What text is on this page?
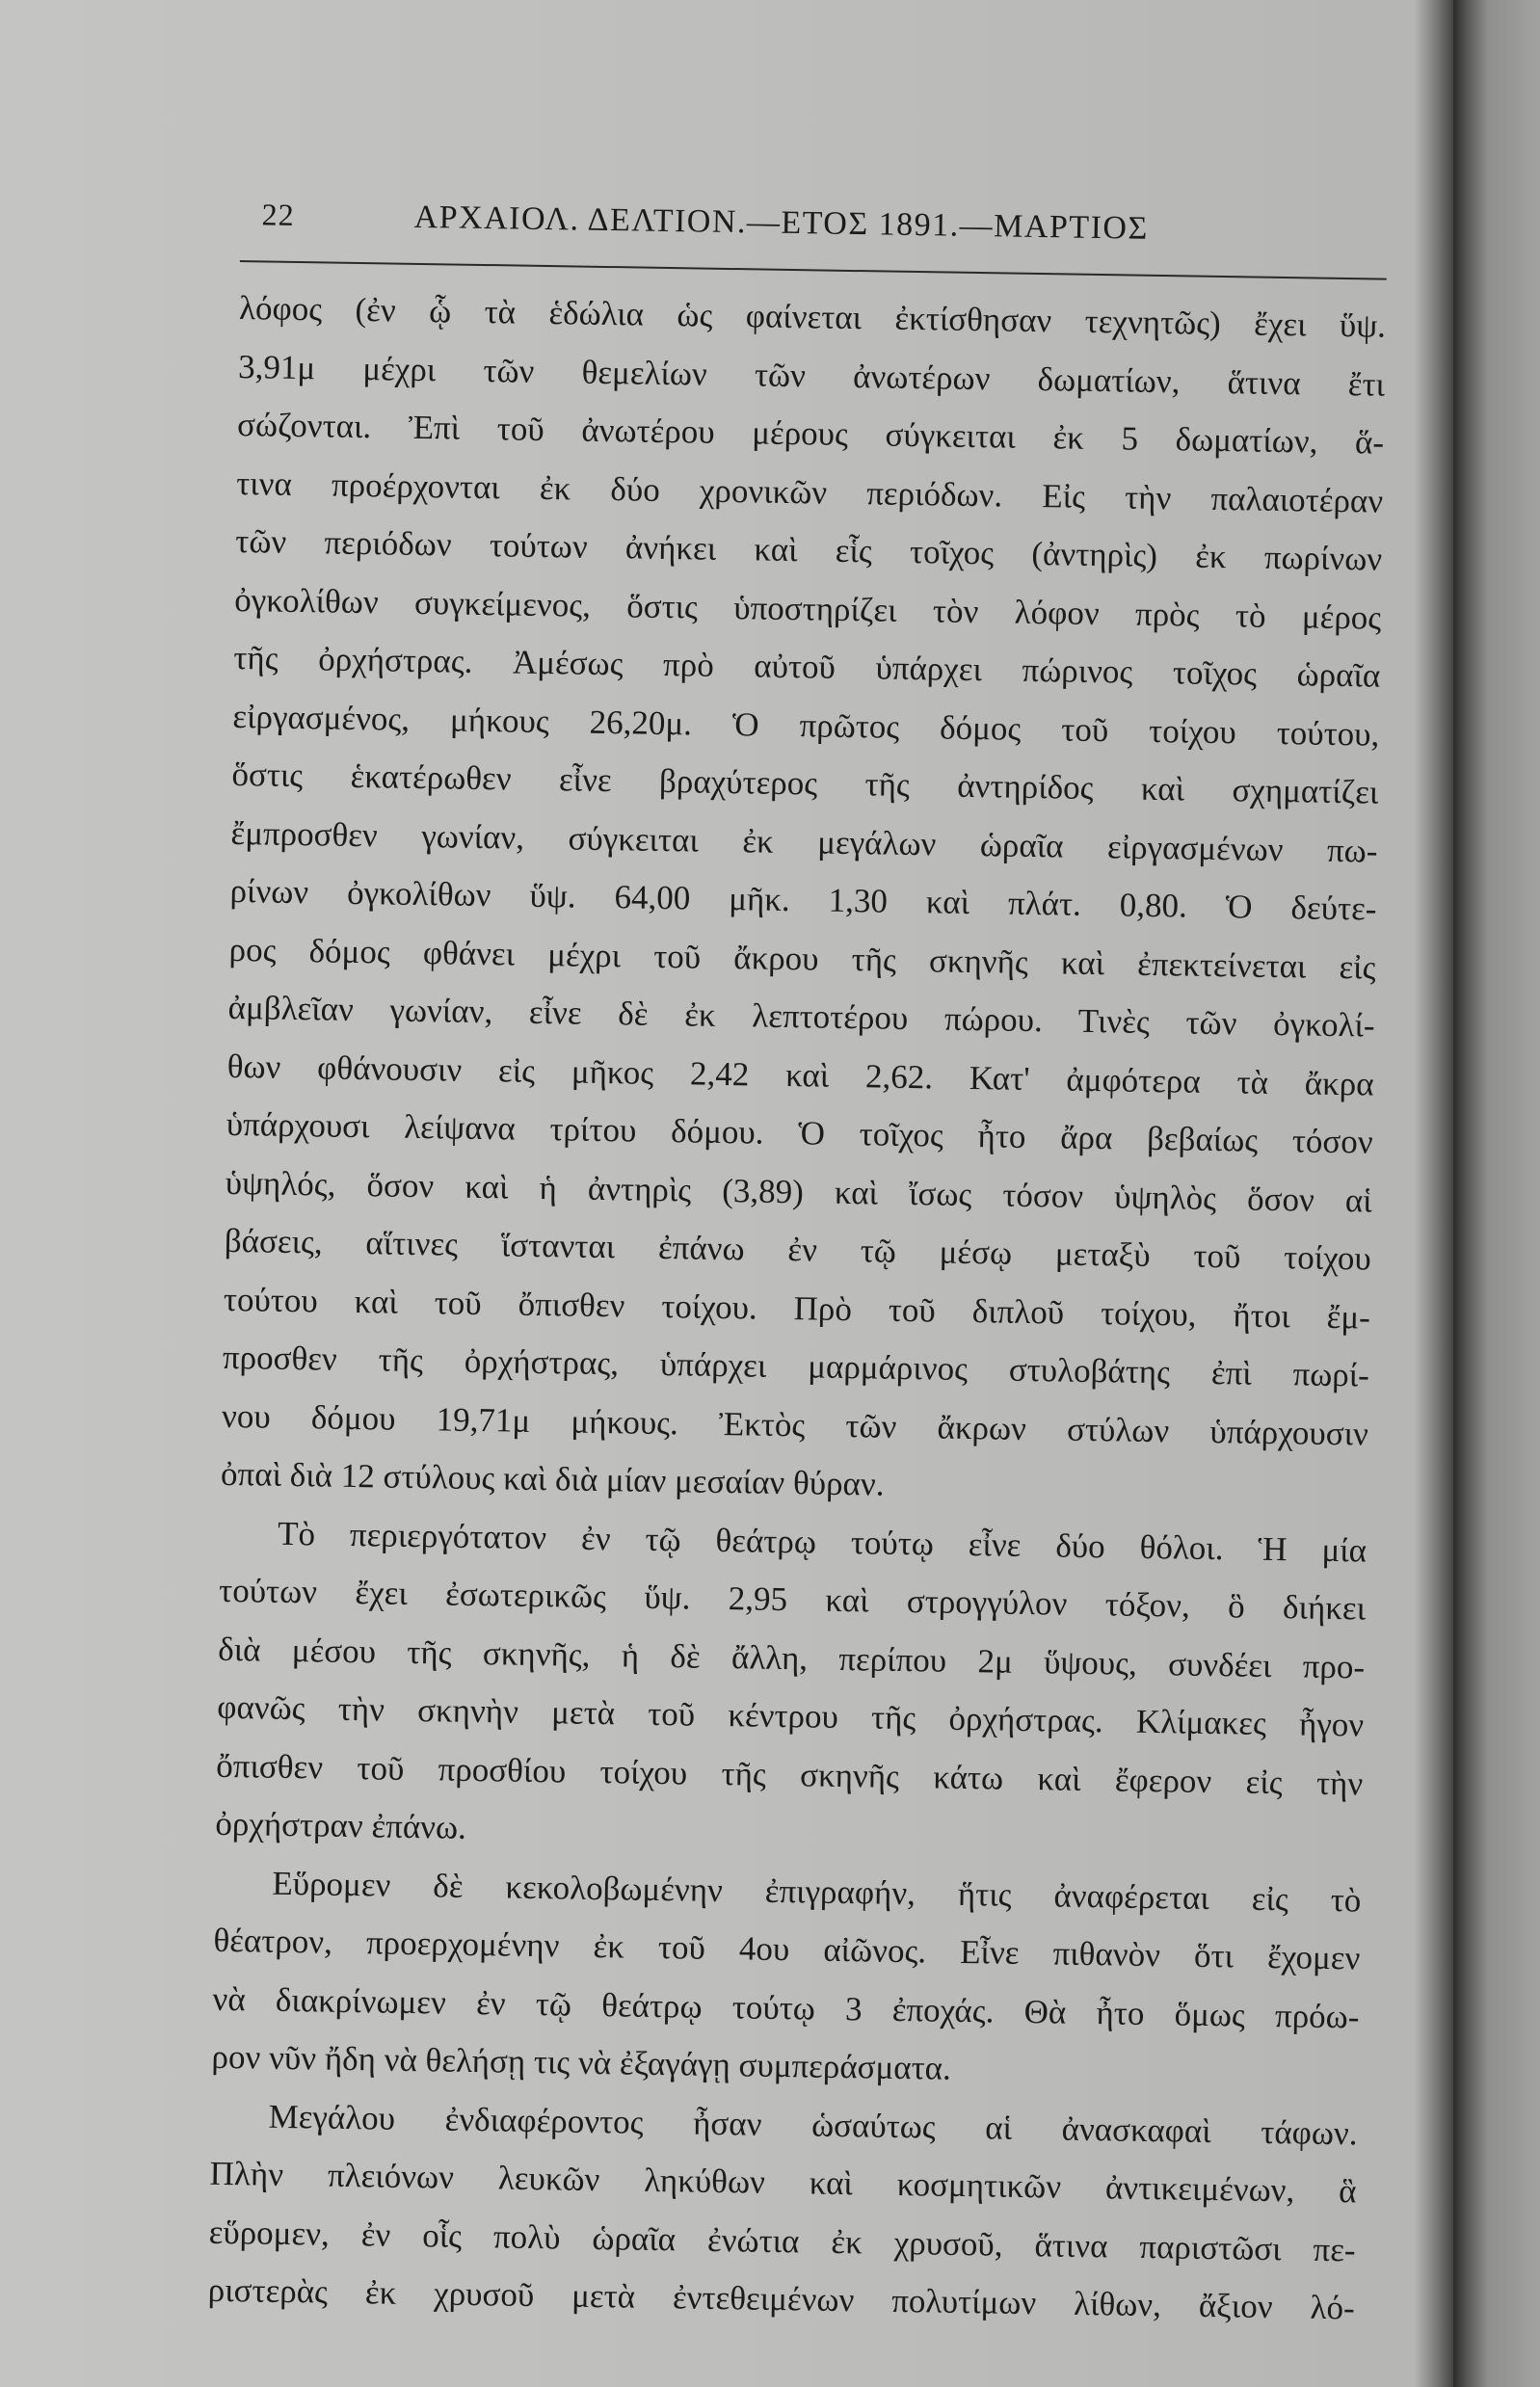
22	ΑΡΧΑΙΟΛ. ΔΕΛΤΙΟΝ.—ΕΤΟΣ 1891.—ΜΑΡΤΙΟΣ
λόφος (ἐν ᾧ τὰ ἑδώλια ὡς φαίνεται ἐκτίσθησαν τεχνητῶς) ἔχει ὕψ.
3,91μ μέχρι τῶν θεμελίων τῶν ἀνωτέρων δωματίων, ἅτινα ἔτι
σώζονται. Ἐπὶ τοῦ ἀνωτέρου μέρους σύγκειται ἐκ 5 δωματίων, ἅ-
τινα προέρχονται ἐκ δύο χρονικῶν περιόδων. Εἰς τὴν παλαιοτέραν
τῶν περιόδων τούτων ἀνήκει καὶ εἷς τοῖχος (ἀντηρὶς) ἐκ πωρίνων
ὀγκολίθων συγκείμενος, ὅστις ὑποστηρίζει τὸν λόφον πρὸς τὸ μέρος
τῆς ὀρχήστρας. Ἀμέσως πρὸ αὐτοῦ ὑπάρχει πώρινος τοῖχος ὡραῖα
εἰργασμένος, μήκους 26,20μ. Ὁ πρῶτος δόμος τοῦ τοίχου τούτου,
ὅστις ἑκατέρωθεν εἶνε βραχύτερος τῆς ἀντηρίδος καὶ σχηματίζει
ἔμπροσθεν γωνίαν, σύγκειται ἐκ μεγάλων ὡραῖα εἰργασμένων πω-
ρίνων ὀγκολίθων ὕψ. 64,00 μῆκ. 1,30 καὶ πλάτ. 0,80. Ὁ δεύτε-
ρος δόμος φθάνει μέχρι τοῦ ἄκρου τῆς σκηνῆς καὶ ἐπεκτείνεται εἰς
ἀμβλεῖαν γωνίαν, εἶνε δὲ ἐκ λεπτοτέρου πώρου. Τινὲς τῶν ὀγκολί-
θων φθάνουσιν εἰς μῆκος 2,42 καὶ 2,62. Κατ' ἀμφότερα τὰ ἄκρα
ὑπάρχουσι λείψανα τρίτου δόμου. Ὁ τοῖχος ἦτο ἄρα βεβαίως τόσον
ὑψηλός, ὅσον καὶ ἡ ἀντηρὶς (3,89) καὶ ἴσως τόσον ὑψηλὸς ὅσον αἱ
βάσεις, αἵτινες ἵστανται ἐπάνω ἐν τῷ μέσῳ μεταξὺ τοῦ τοίχου
τούτου καὶ τοῦ ὄπισθεν τοίχου. Πρὸ τοῦ διπλοῦ τοίχου, ἤτοι ἔμ-
προσθεν τῆς ὀρχήστρας, ὑπάρχει μαρμάρινος στυλοβάτης ἐπὶ πωρί-
νου δόμου 19,71μ μήκους. Ἐκτὸς τῶν ἄκρων στύλων ὑπάρχουσιν
ὀπαὶ διὰ 12 στύλους καὶ διὰ μίαν μεσαίαν θύραν.
Τὸ περιεργότατον ἐν τῷ θεάτρῳ τούτῳ εἶνε δύο θόλοι. Ἡ μία
τούτων ἔχει ἐσωτερικῶς ὕψ. 2,95 καὶ στρογγύλον τόξον, ὃ διήκει
διὰ μέσου τῆς σκηνῆς, ἡ δὲ ἄλλη, περίπου 2μ ὕψους, συνδέει προ-
φανῶς τὴν σκηνὴν μετὰ τοῦ κέντρου τῆς ὀρχήστρας. Κλίμακες ἦγον
ὄπισθεν τοῦ προσθίου τοίχου τῆς σκηνῆς κάτω καὶ ἔφερον εἰς τὴν
ὀρχήστραν ἐπάνω.
Εὕρομεν δὲ κεκολοβωμένην ἐπιγραφήν, ἥτις ἀναφέρεται εἰς τὸ
θέατρον, προερχομένην ἐκ τοῦ 4ου αἰῶνος. Εἶνε πιθανὸν ὅτι ἔχομεν
νὰ διακρίνωμεν ἐν τῷ θεάτρῳ τούτῳ 3 ἐποχάς. Θὰ ἦτο ὅμως πρόω-
ρον νῦν ἤδη νὰ θελήσῃ τις νὰ ἐξαγάγῃ συμπεράσματα.
Μεγάλου ἐνδιαφέροντος ἦσαν ὡσαύτως αἱ ἀνασκαφαὶ τάφων.
Πλὴν πλειόνων λευκῶν ληκύθων καὶ κοσμητικῶν ἀντικειμένων, ἃ
εὕρομεν, ἐν οἷς πολὺ ὡραῖα ἐνώτια ἐκ χρυσοῦ, ἅτινα παριστῶσι πε-
ριστερὰς ἐκ χρυσοῦ μετὰ ἐντεθειμένων πολυτίμων λίθων, ἄξιον λό-
